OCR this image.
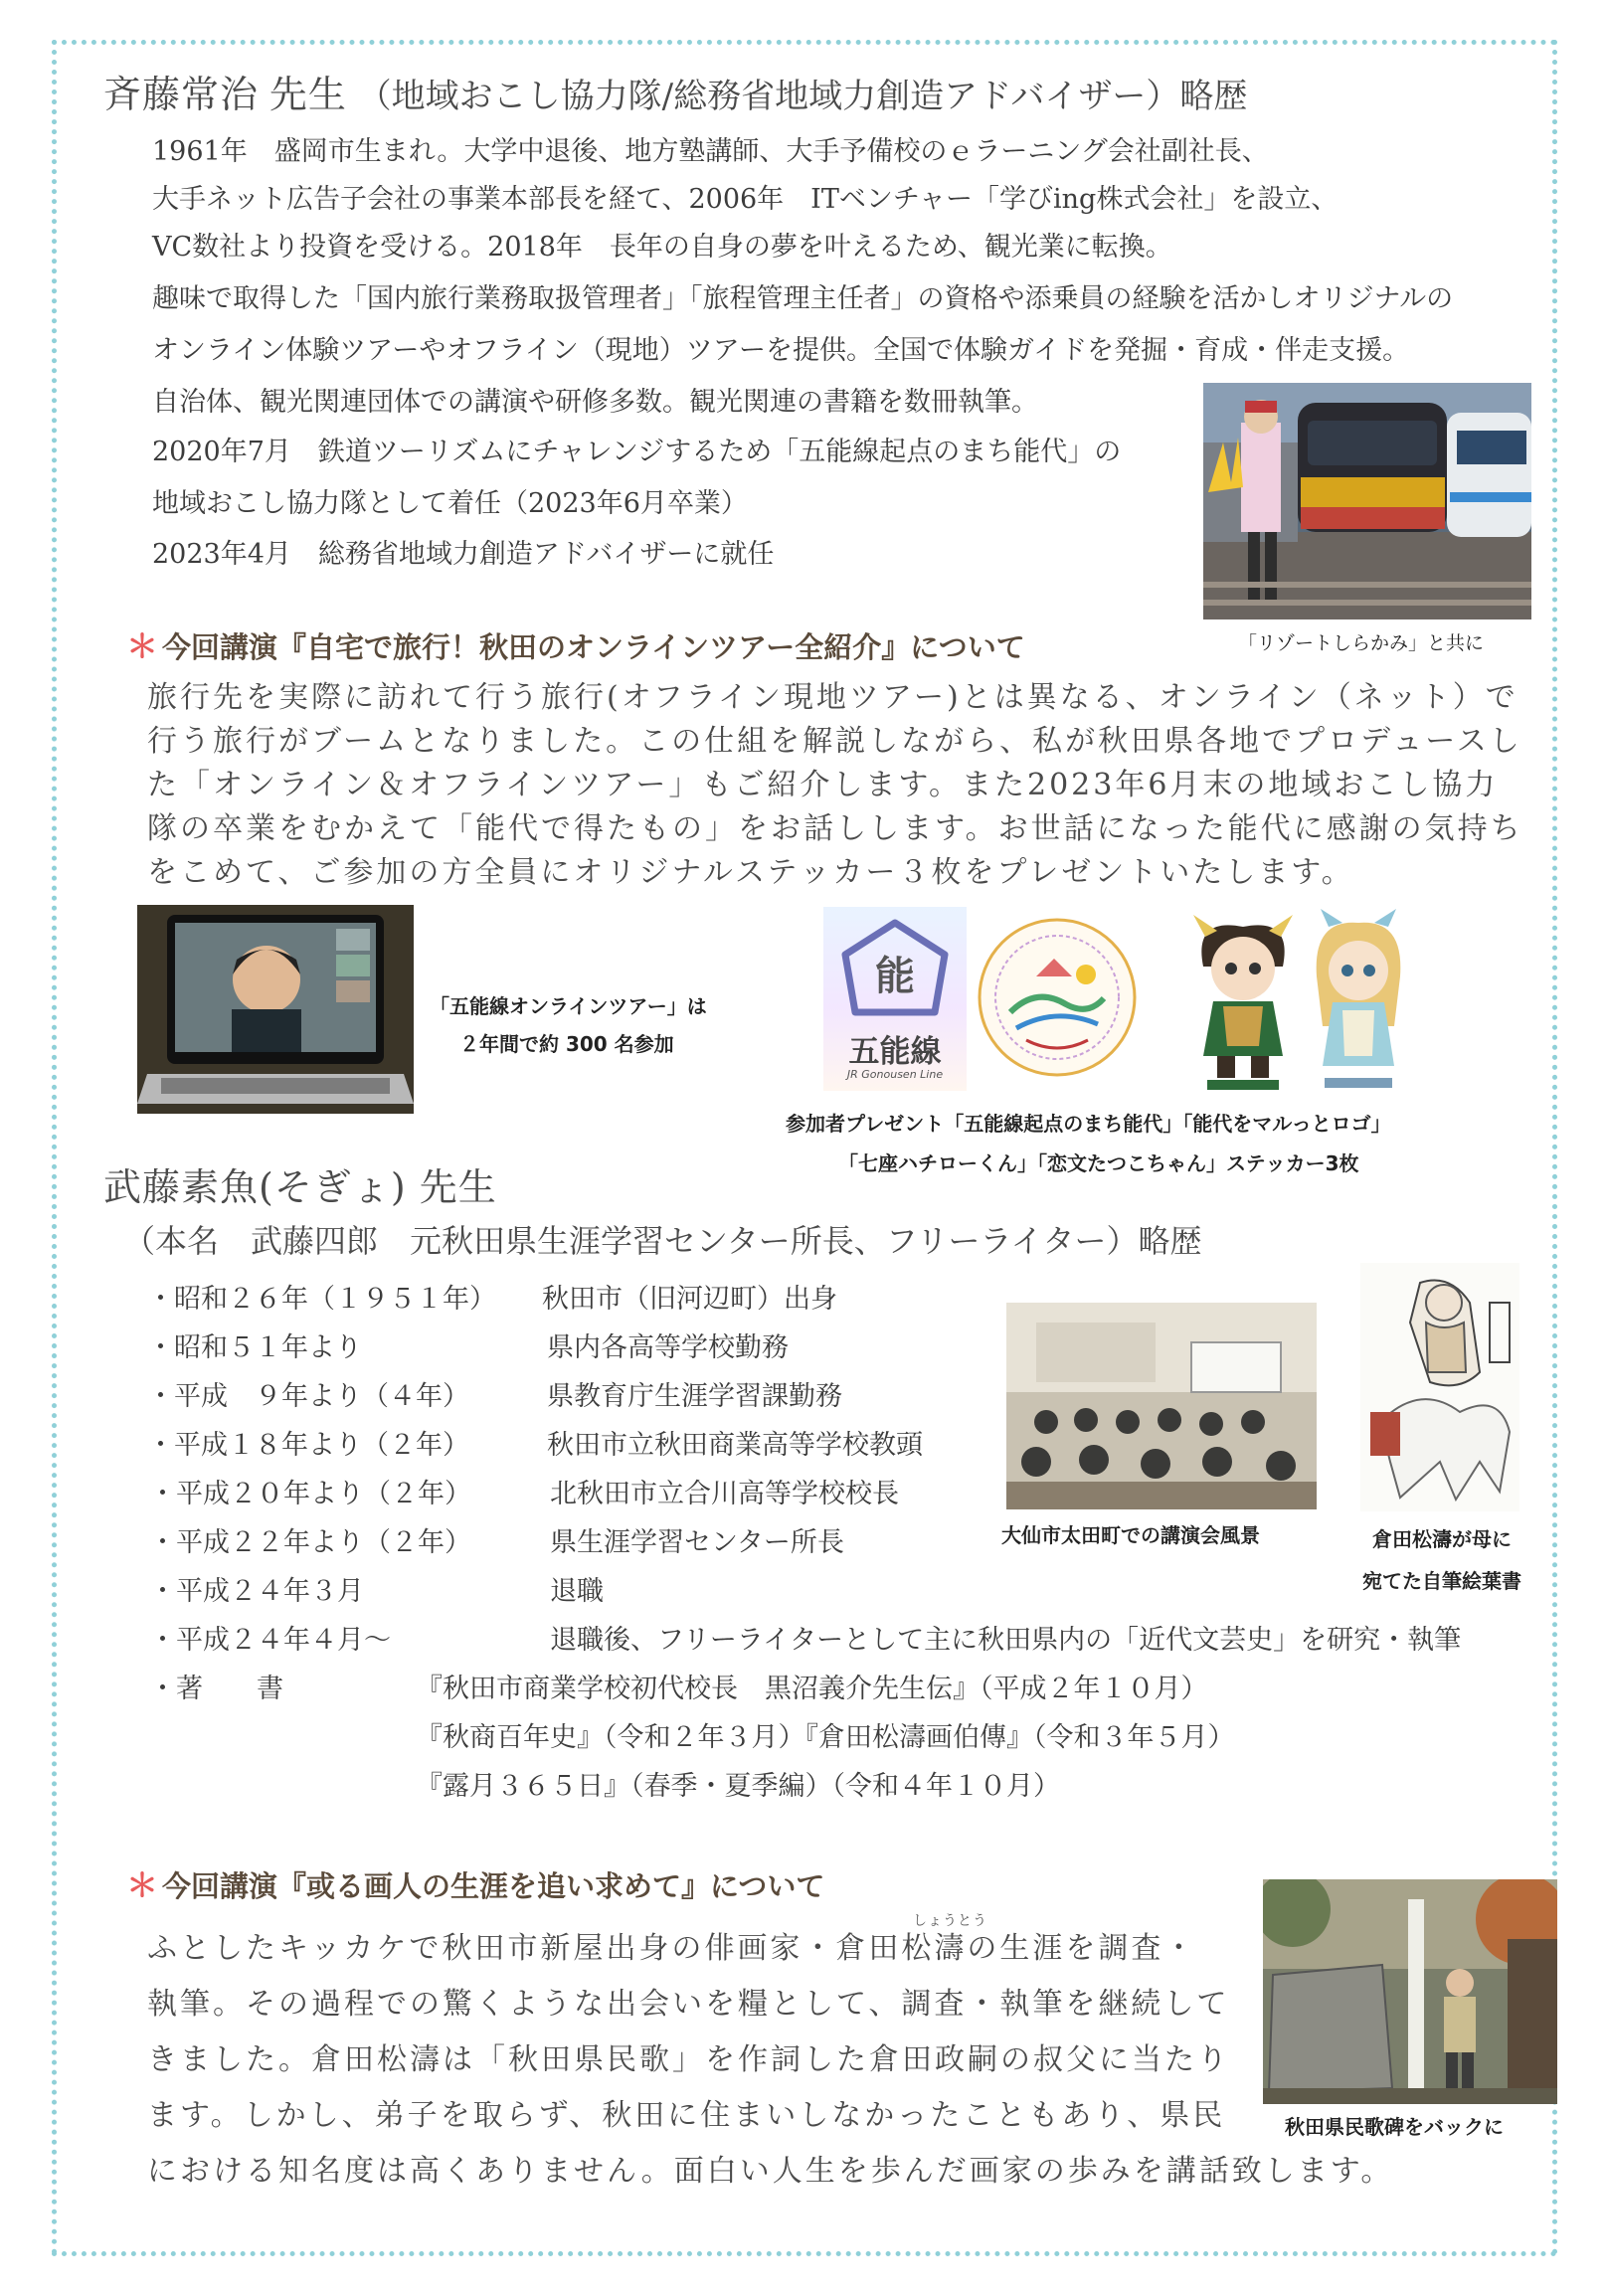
斉藤常治 先生 （地域おこし協力隊/総務省地域力創造アドバイザー）略歴
1961年　盛岡市生まれ。大学中退後、地方塾講師、大手予備校のｅラーニング会社副社長、
大手ネット広告子会社の事業本部長を経て、2006年　ITベンチャー「学びing株式会社」を設立、
VC数社より投資を受ける。2018年　長年の自身の夢を叶えるため、観光業に転換。
趣味で取得した「国内旅行業務取扱管理者」「旅程管理主任者」の資格や添乗員の経験を活かしオリジナルの
オンライン体験ツアーやオフライン（現地）ツアーを提供。全国で体験ガイドを発掘・育成・伴走支援。
自治体、観光関連団体での講演や研修多数。観光関連の書籍を数冊執筆。
2020年7月　鉄道ツーリズムにチャレンジするため「五能線起点のまち能代」の
地域おこし協力隊として着任（2023年6月卒業）
2023年4月　総務省地域力創造アドバイザーに就任
「リゾートしらかみ」と共に
＊ 今回講演『自宅で旅行！秋田のオンラインツアー全紹介』について
旅行先を実際に訪れて行う旅行(オフライン現地ツアー)とは異なる、オンライン（ネット）で
行う旅行がブームとなりました。この仕組を解説しながら、私が秋田県各地でプロデュースし
た「オンライン＆オフラインツアー」もご紹介します。また2023年6月末の地域おこし協力
隊の卒業をむかえて「能代で得たもの」をお話しします。お世話になった能代に感謝の気持ち
をこめて、ご参加の方全員にオリジナルステッカー３枚をプレゼントいたします。
「五能線オンラインツアー」は
２年間で約 300 名参加
能
五能線
JR Gonousen Line
参加者プレゼント「五能線起点のまち能代」「能代をマルっとロゴ」
「七座ハチローくん」「恋文たつこちゃん」ステッカー3枚
武藤素魚(そぎょ) 先生
（本名　武藤四郎　元秋田県生涯学習センター所長、フリーライター）略歴
・昭和２６年（１９５１年） 秋田市（旧河辺町）出身
・昭和５１年より	県内各高等学校勤務
・平成　９年より（４年）	県教育庁生涯学習課勤務
・平成１８年より（２年）	秋田市立秋田商業高等学校教頭
・平成２０年より（２年）	北秋田市立合川高等学校校長
・平成２２年より（２年）	県生涯学習センター所長
・平成２４年３月	退職
・平成２４年４月～	退職後、フリーライターとして主に秋田県内の「近代文芸史」を研究・執筆
・著　　書	『秋田市商業学校初代校長　黒沼義介先生伝』（平成２年１０月）
『秋商百年史』（令和２年３月）『倉田松濤画伯傳』（令和３年５月）
『露月３６５日』（春季・夏季編）（令和４年１０月）
大仙市太田町での講演会風景	倉田松濤が母に
宛てた自筆絵葉書
＊ 今回講演『或る画人の生涯を追い求めて』について
しょうとう
ふとしたキッカケで秋田市新屋出身の俳画家・倉田松濤の生涯を調査・
執筆。その過程での驚くような出会いを糧として、調査・執筆を継続して
きました。倉田松濤は「秋田県民歌」を作詞した倉田政嗣の叔父に当たり
ます。しかし、弟子を取らず、秋田に住まいしなかったこともあり、県民
における知名度は高くありません。面白い人生を歩んだ画家の歩みを講話致します。
秋田県民歌碑をバックに
